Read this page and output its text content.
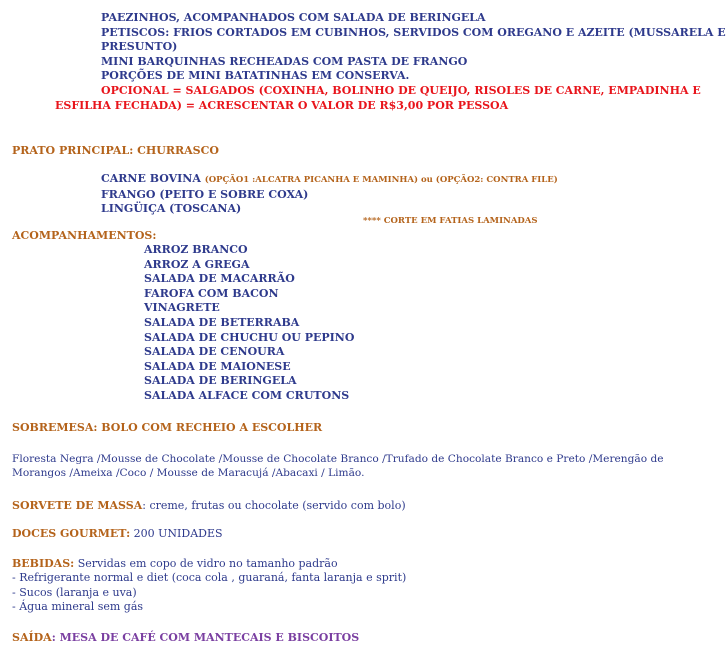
PAEZINHOS, ACOMPANHADOS COM SALADA DE BERINGELA
PETISCOS: FRIOS CORTADOS EM CUBINHOS, SERVIDOS COM OREGANO E AZEITE (MUSSARELA E
PRESUNTO)
MINI BARQUINHAS RECHEADAS COM PASTA DE FRANGO
PORÇÕES DE MINI BATATINHAS EM CONSERVA.
OPCIONAL = SALGADOS (COXINHA, BOLINHO DE QUEIJO, RISOLES DE CARNE, EMPADINHA E
ESFILHA FECHADA) = ACRESCENTAR O VALOR DE R$3,00 POR PESSOA
PRATO PRINCIPAL: CHURRASCO
CARNE BOVINA (OPÇÃO1 :ALCATRA PICANHA E MAMINHA) ou (OPÇÃO2: CONTRA FILE)
FRANGO (PEITO E SOBRE COXA)
LINGÜIÇA (TOSCANA)
**** CORTE EM FATIAS LAMINADAS
ACOMPANHAMENTOS:
ARROZ BRANCO
ARROZ A GREGA
SALADA DE MACARRÃO
FAROFA COM BACON
VINAGRETE
SALADA DE BETERRABA
SALADA DE CHUCHU OU PEPINO
SALADA DE CENOURA
SALADA DE MAIONESE
SALADA DE BERINGELA
SALADA ALFACE COM CRUTONS
SOBREMESA: BOLO COM RECHEIO A ESCOLHER
Floresta Negra /Mousse de Chocolate /Mousse de Chocolate Branco /Trufado de Chocolate Branco e Preto /Merengão de
Morangos /Ameixa /Coco / Mousse de Maracujá /Abacaxi / Limão.
SORVETE DE MASSA: creme, frutas ou chocolate (servido com bolo)
DOCES GOURMET: 200 UNIDADES
BEBIDAS: Servidas em copo de vidro no tamanho padrão
- Refrigerante normal e diet (coca cola , guaraná, fanta laranja e sprit)
- Sucos (laranja e uva)
- Água mineral sem gás
SAÍDA: MESA DE CAFÉ COM MANTECAIS E BISCOITOS
